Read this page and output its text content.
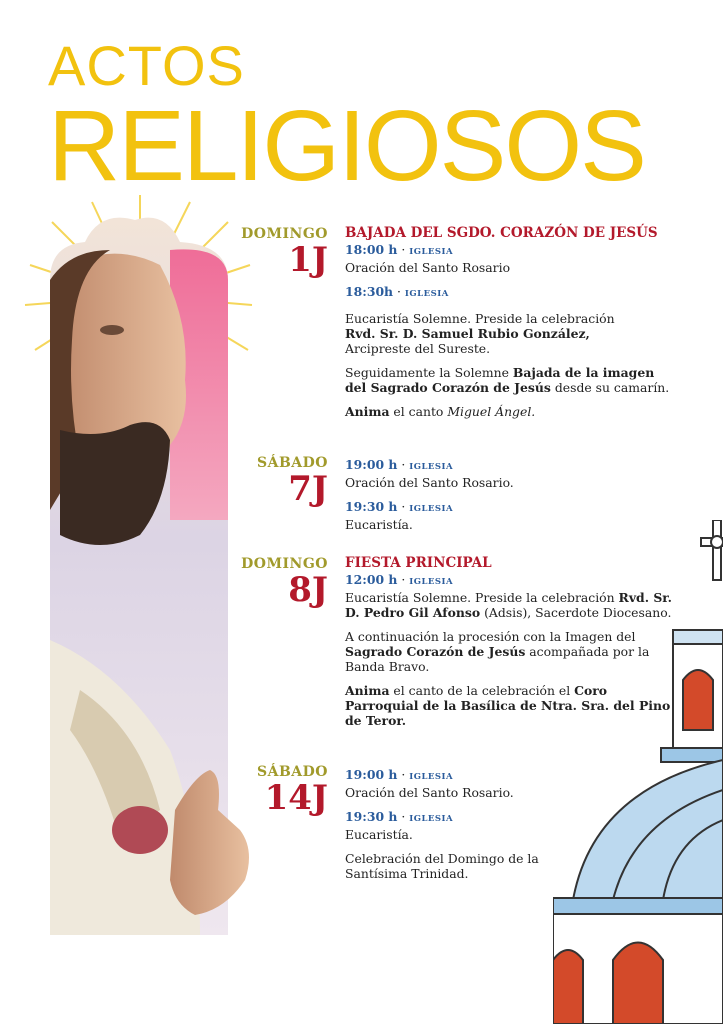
ACTOS
RELIGIOSOS
DOMINGO
1J
BAJADA DEL SGDO. CORAZÓN DE JESÚS
18:00 h · IGLESIA
Oración del Santo Rosario
18:30h · IGLESIA
Eucaristía Solemne. Preside la celebración
Rvd. Sr. D. Samuel Rubio González,
Arcipreste del Sureste.
Seguidamente la Solemne Bajada de la imagen del Sagrado Corazón de Jesús desde su camarín.
Anima el canto Miguel Ángel.
SÁBADO
7J
19:00 h · IGLESIA
Oración del Santo Rosario.
19:30 h · IGLESIA
Eucaristía.
DOMINGO
8J
FIESTA PRINCIPAL
12:00 h · IGLESIA
Eucaristía Solemne. Preside la celebración Rvd. Sr. D. Pedro Gil Afonso (Adsis), Sacerdote Diocesano.
A continuación la procesión con la Imagen del Sagrado Corazón de Jesús acompañada por la Banda Bravo.
Anima el canto de la celebración el Coro Parroquial de la Basílica de Ntra. Sra. del Pino de Teror.
SÁBADO
14J
19:00 h · IGLESIA
Oración del Santo Rosario.
19:30 h · IGLESIA
Eucaristía.
Celebración del Domingo de la Santísima Trinidad.
